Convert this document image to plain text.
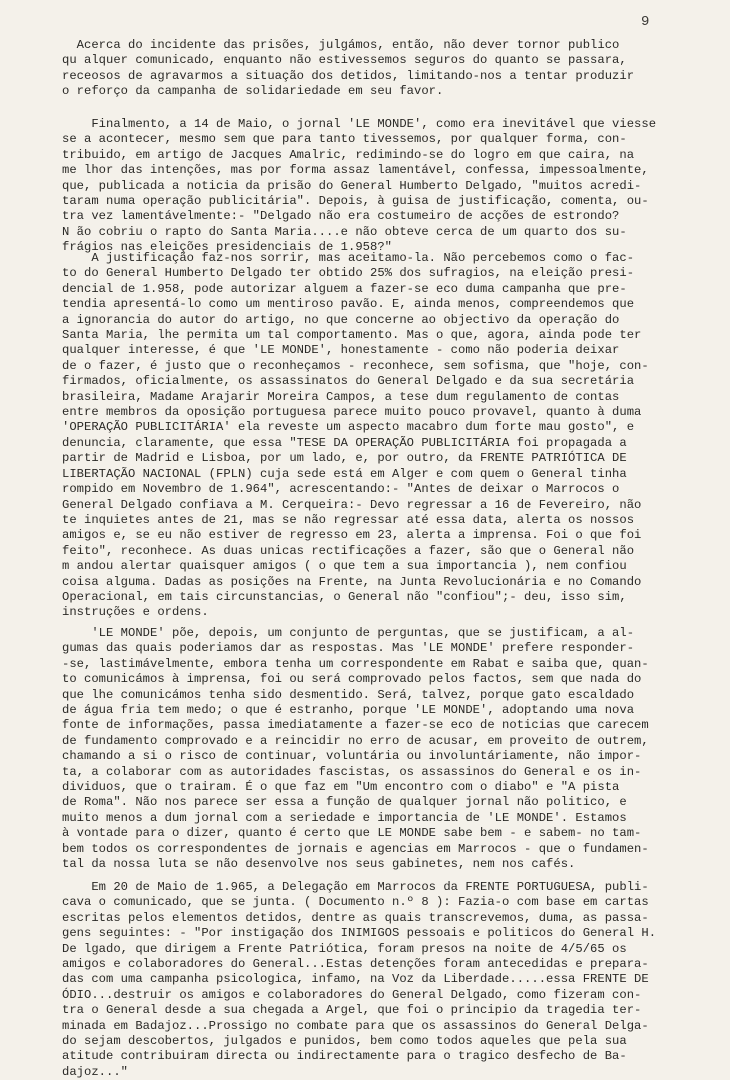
9
Acerca do incidente das prisões, julgámos, então, não dever tornor publico
qu alquer comunicado, enquanto não estivessemos seguros do quanto se passara,
receosos de agravarmos a situação dos detidos, limitando-nos a tentar produzir
o reforço da campanha de solidariedade em seu favor.
Finalmento, a 14 de Maio, o jornal 'LE MONDE', como era inevitável que viesse
se a acontecer, mesmo sem que para tanto tivessemos, por qualquer forma, con-
tribuido, em artigo de Jacques Amalric, redimindo-se do logro em que caira, na
me lhor das intenções, mas por forma assaz lamentável, confessa, impessoalmente,
que, publicada a noticia da prisão do General Humberto Delgado, "muitos acredi-
taram numa operação publicitária". Depois, à guisa de justificação, comenta, ou-
tra vez lamentávelmente:- "Delgado não era costumeiro de acções de estrondo?
N ão cobriu o rapto do Santa Maria....e não obteve cerca de um quarto dos su-
frágios nas eleições presidenciais de 1.958?"
A justificação faz-nos sorrir, mas aceitamo-la. Não percebemos como o fac-
to do General Humberto Delgado ter obtido 25% dos sufragios, na eleição presi-
dencial de 1.958, pode autorizar alguem a fazer-se eco duma campanha que pre-
tendia apresentá-lo como um mentiroso pavão. E, ainda menos, compreendemos que
a ignorancia do autor do artigo, no que concerne ao objectivo da operação do
Santa Maria, lhe permita um tal comportamento. Mas o que, agora, ainda pode ter
qualquer interesse, é que 'LE MONDE', honestamente - como não poderia deixar
de o fazer, é justo que o reconheçamos - reconhece, sem sofisma, que "hoje, con-
firmados, oficialmente, os assassinatos do General Delgado e da sua secretária
brasileira, Madame Arajarir Moreira Campos, a tese dum regulamento de contas
entre membros da oposição portuguesa parece muito pouco provavel, quanto à duma
'OPERAÇÃO PUBLICITÁRIA' ela reveste um aspecto macabro dum forte mau gosto", e
denuncia, claramente, que essa "TESE DA OPERAÇÃO PUBLICITÁRIA foi propagada a
partir de Madrid e Lisboa, por um lado, e, por outro, da FRENTE PATRIÓTICA DE
LIBERTAÇÃO NACIONAL (FPLN) cuja sede está em Alger e com quem o General tinha
rompido em Novembro de 1.964", acrescentando:- "Antes de deixar o Marrocos o
General Delgado confiava a M. Cerqueira:- Devo regressar a 16 de Fevereiro, não
te inquietes antes de 21, mas se não regressar até essa data, alerta os nossos
amigos e, se eu não estiver de regresso em 23, alerta a imprensa. Foi o que foi
feito", reconhece. As duas unicas rectificações a fazer, são que o General não
m andou alertar quaisquer amigos ( o que tem a sua importancia ), nem confiou
coisa alguma. Dadas as posições na Frente, na Junta Revolucionária e no Comando
Operacional, em tais circunstancias, o General não "confiou";- deu, isso sim,
instruções e ordens.
'LE MONDE' põe, depois, um conjunto de perguntas, que se justificam, a al-
gumas das quais poderiamos dar as respostas. Mas 'LE MONDE' prefere responder-
-se, lastimávelmente, embora tenha um correspondente em Rabat e saiba que, quan-
to comunicámos à imprensa, foi ou será comprovado pelos factos, sem que nada do
que lhe comunicámos tenha sido desmentido. Será, talvez, porque gato escaldado
de água fria tem medo; o que é estranho, porque 'LE MONDE', adoptando uma nova
fonte de informações, passa imediatamente a fazer-se eco de noticias que carecem
de fundamento comprovado e a reincidir no erro de acusar, em proveito de outrem,
chamando a si o risco de continuar, voluntária ou involuntáriamente, não impor-
ta, a colaborar com as autoridades fascistas, os assassinos do General e os in-
dividuos, que o trairam. É o que faz em "Um encontro com o diabo" e "A pista
de Roma". Não nos parece ser essa a função de qualquer jornal não politico, e
muito menos a dum jornal com a seriedade e importancia de 'LE MONDE'. Estamos
à vontade para o dizer, quanto é certo que LE MONDE sabe bem - e sabem- no tam-
bem todos os correspondentes de jornais e agencias em Marrocos - que o fundamen-
tal da nossa luta se não desenvolve nos seus gabinetes, nem nos cafés.
Em 20 de Maio de 1.965, a Delegação em Marrocos da FRENTE PORTUGUESA, publi-
cava o comunicado, que se junta. ( Documento n.º 8 ): Fazia-o com base em cartas
escritas pelos elementos detidos, dentre as quais transcrevemos, duma, as passa-
gens seguintes: - "Por instigação dos INIMIGOS pessoais e politicos do General H.
De lgado, que dirigem a Frente Patriótica, foram presos na noite de 4/5/65 os
amigos e colaboradores do General...Estas detenções foram antecedidas e prepara-
das com uma campanha psicologica, infamo, na Voz da Liberdade.....essa FRENTE DE
ÓDIO...destruir os amigos e colaboradores do General Delgado, como fizeram con-
tra o General desde a sua chegada a Argel, que foi o principio da tragedia ter-
minada em Badajoz...Prossigo no combate para que os assassinos do General Delga-
do sejam descobertos, julgados e punidos, bem como todos aqueles que pela sua
atitude contribuiram directa ou indirectamente para o tragico desfecho de Ba-
dajoz..."
